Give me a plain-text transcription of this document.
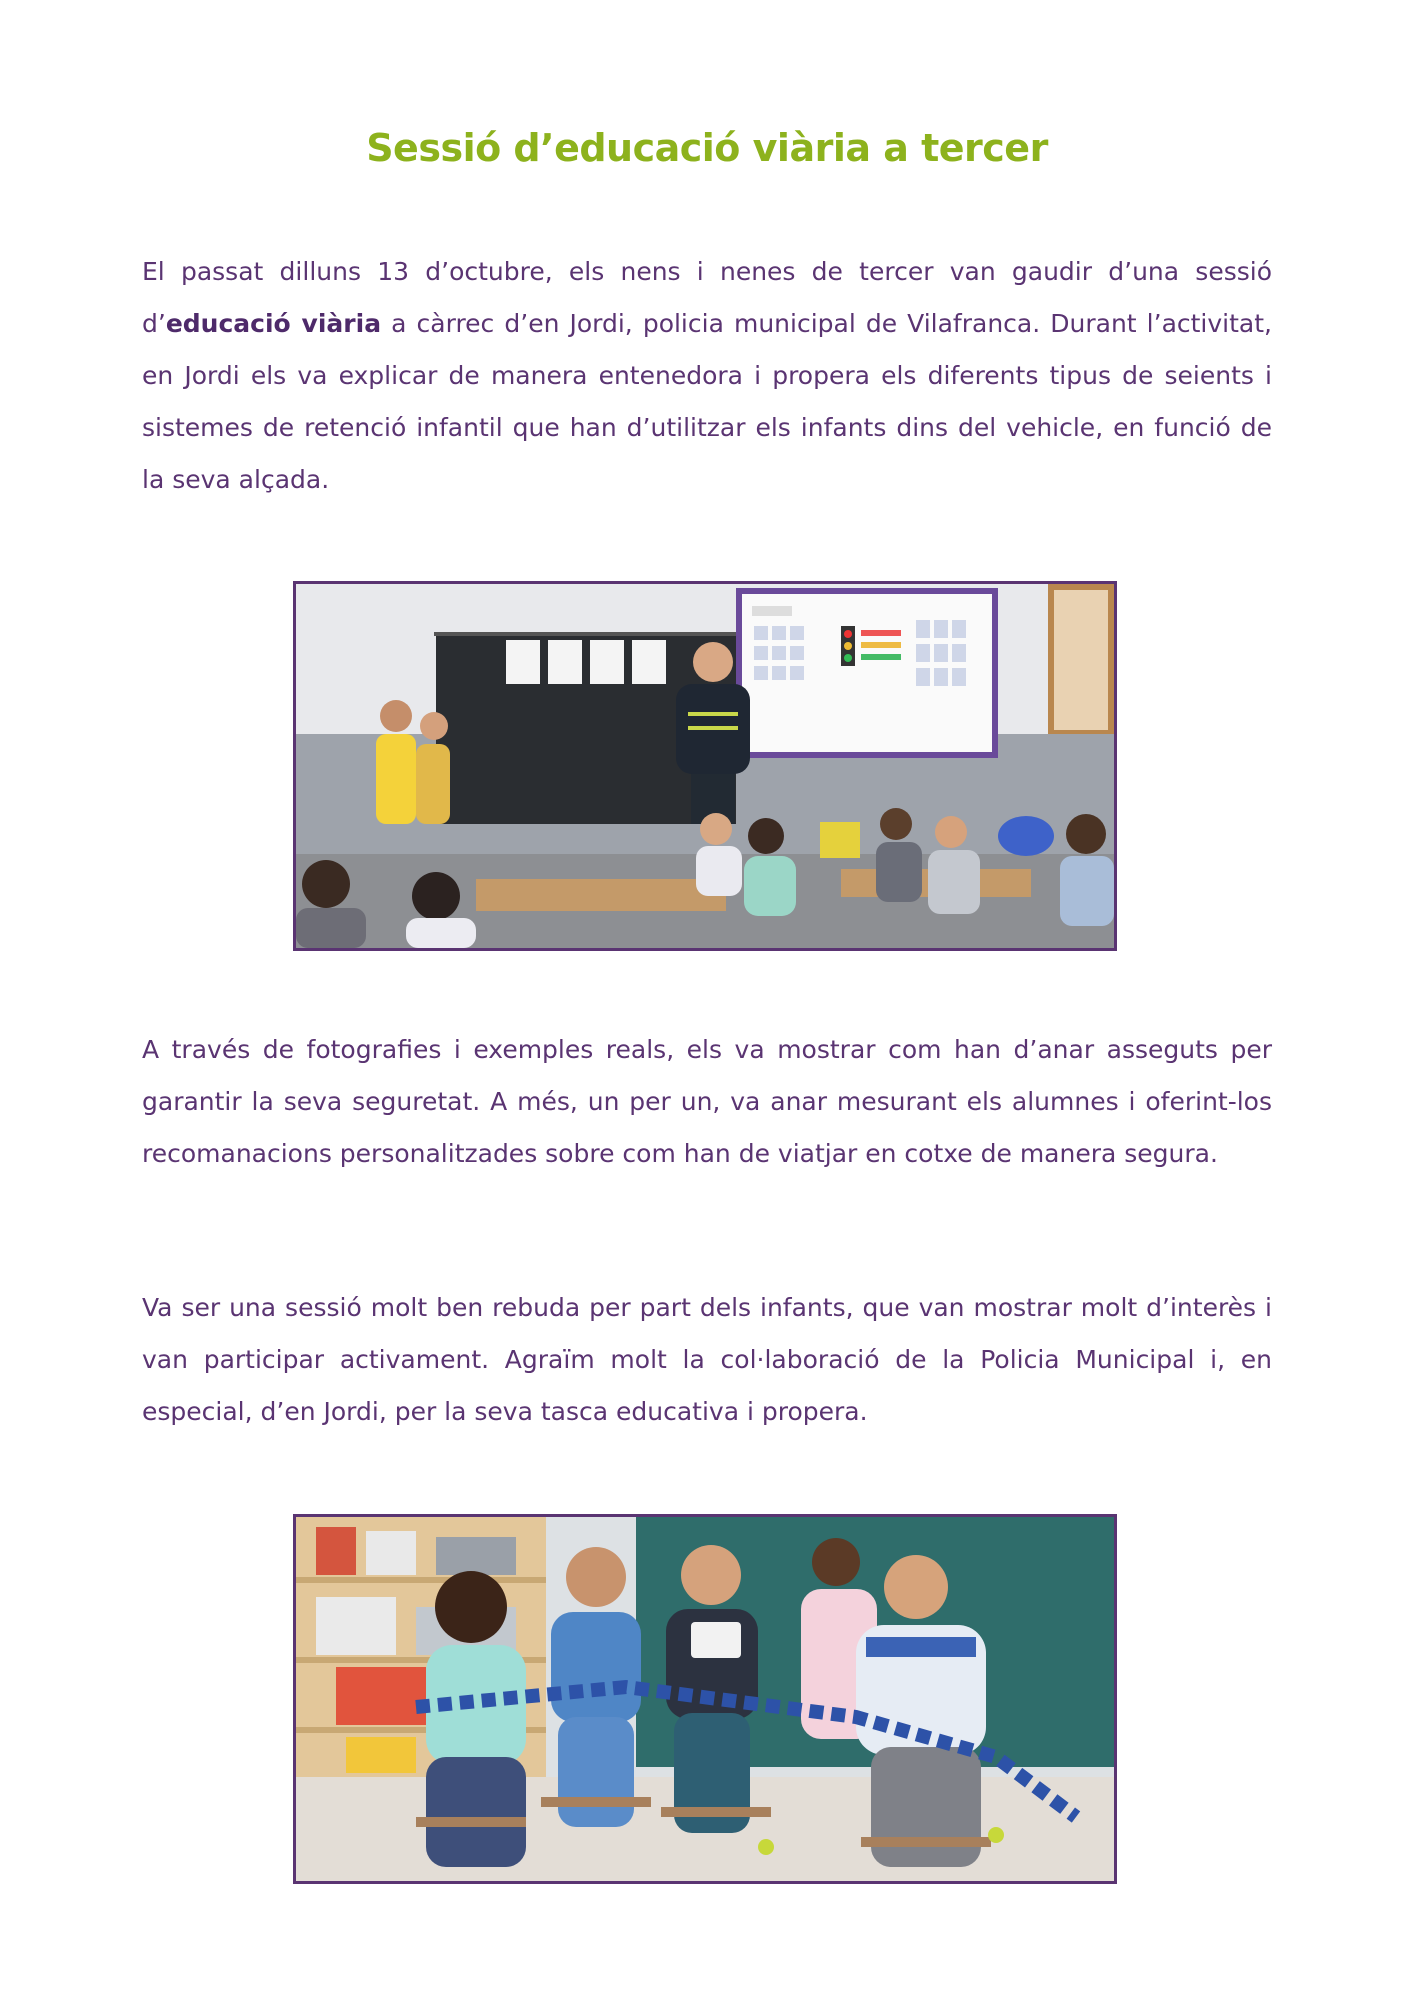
Sessió d’educació viària a tercer

El passat dilluns 13 d’octubre, els nens i nenes de tercer van gaudir d’una sessió d’educació viària a càrrec d’en Jordi, policia municipal de Vilafranca. Durant l’activitat, en Jordi els va explicar de manera entenedora i propera els diferents tipus de seients i sistemes de retenció infantil que han d’utilitzar els infants dins del vehicle, en funció de la seva alçada.

A través de fotografies i exemples reals, els va mostrar com han d’anar asseguts per garantir la seva seguretat. A més, un per un, va anar mesurant els alumnes i oferint-los recomanacions personalitzades sobre com han de viatjar en cotxe de manera segura.

Va ser una sessió molt ben rebuda per part dels infants, que van mostrar molt d’interès i van participar activament. Agraïm molt la col·laboració de la Policia Municipal i, en especial, d’en Jordi, per la seva tasca educativa i propera.
